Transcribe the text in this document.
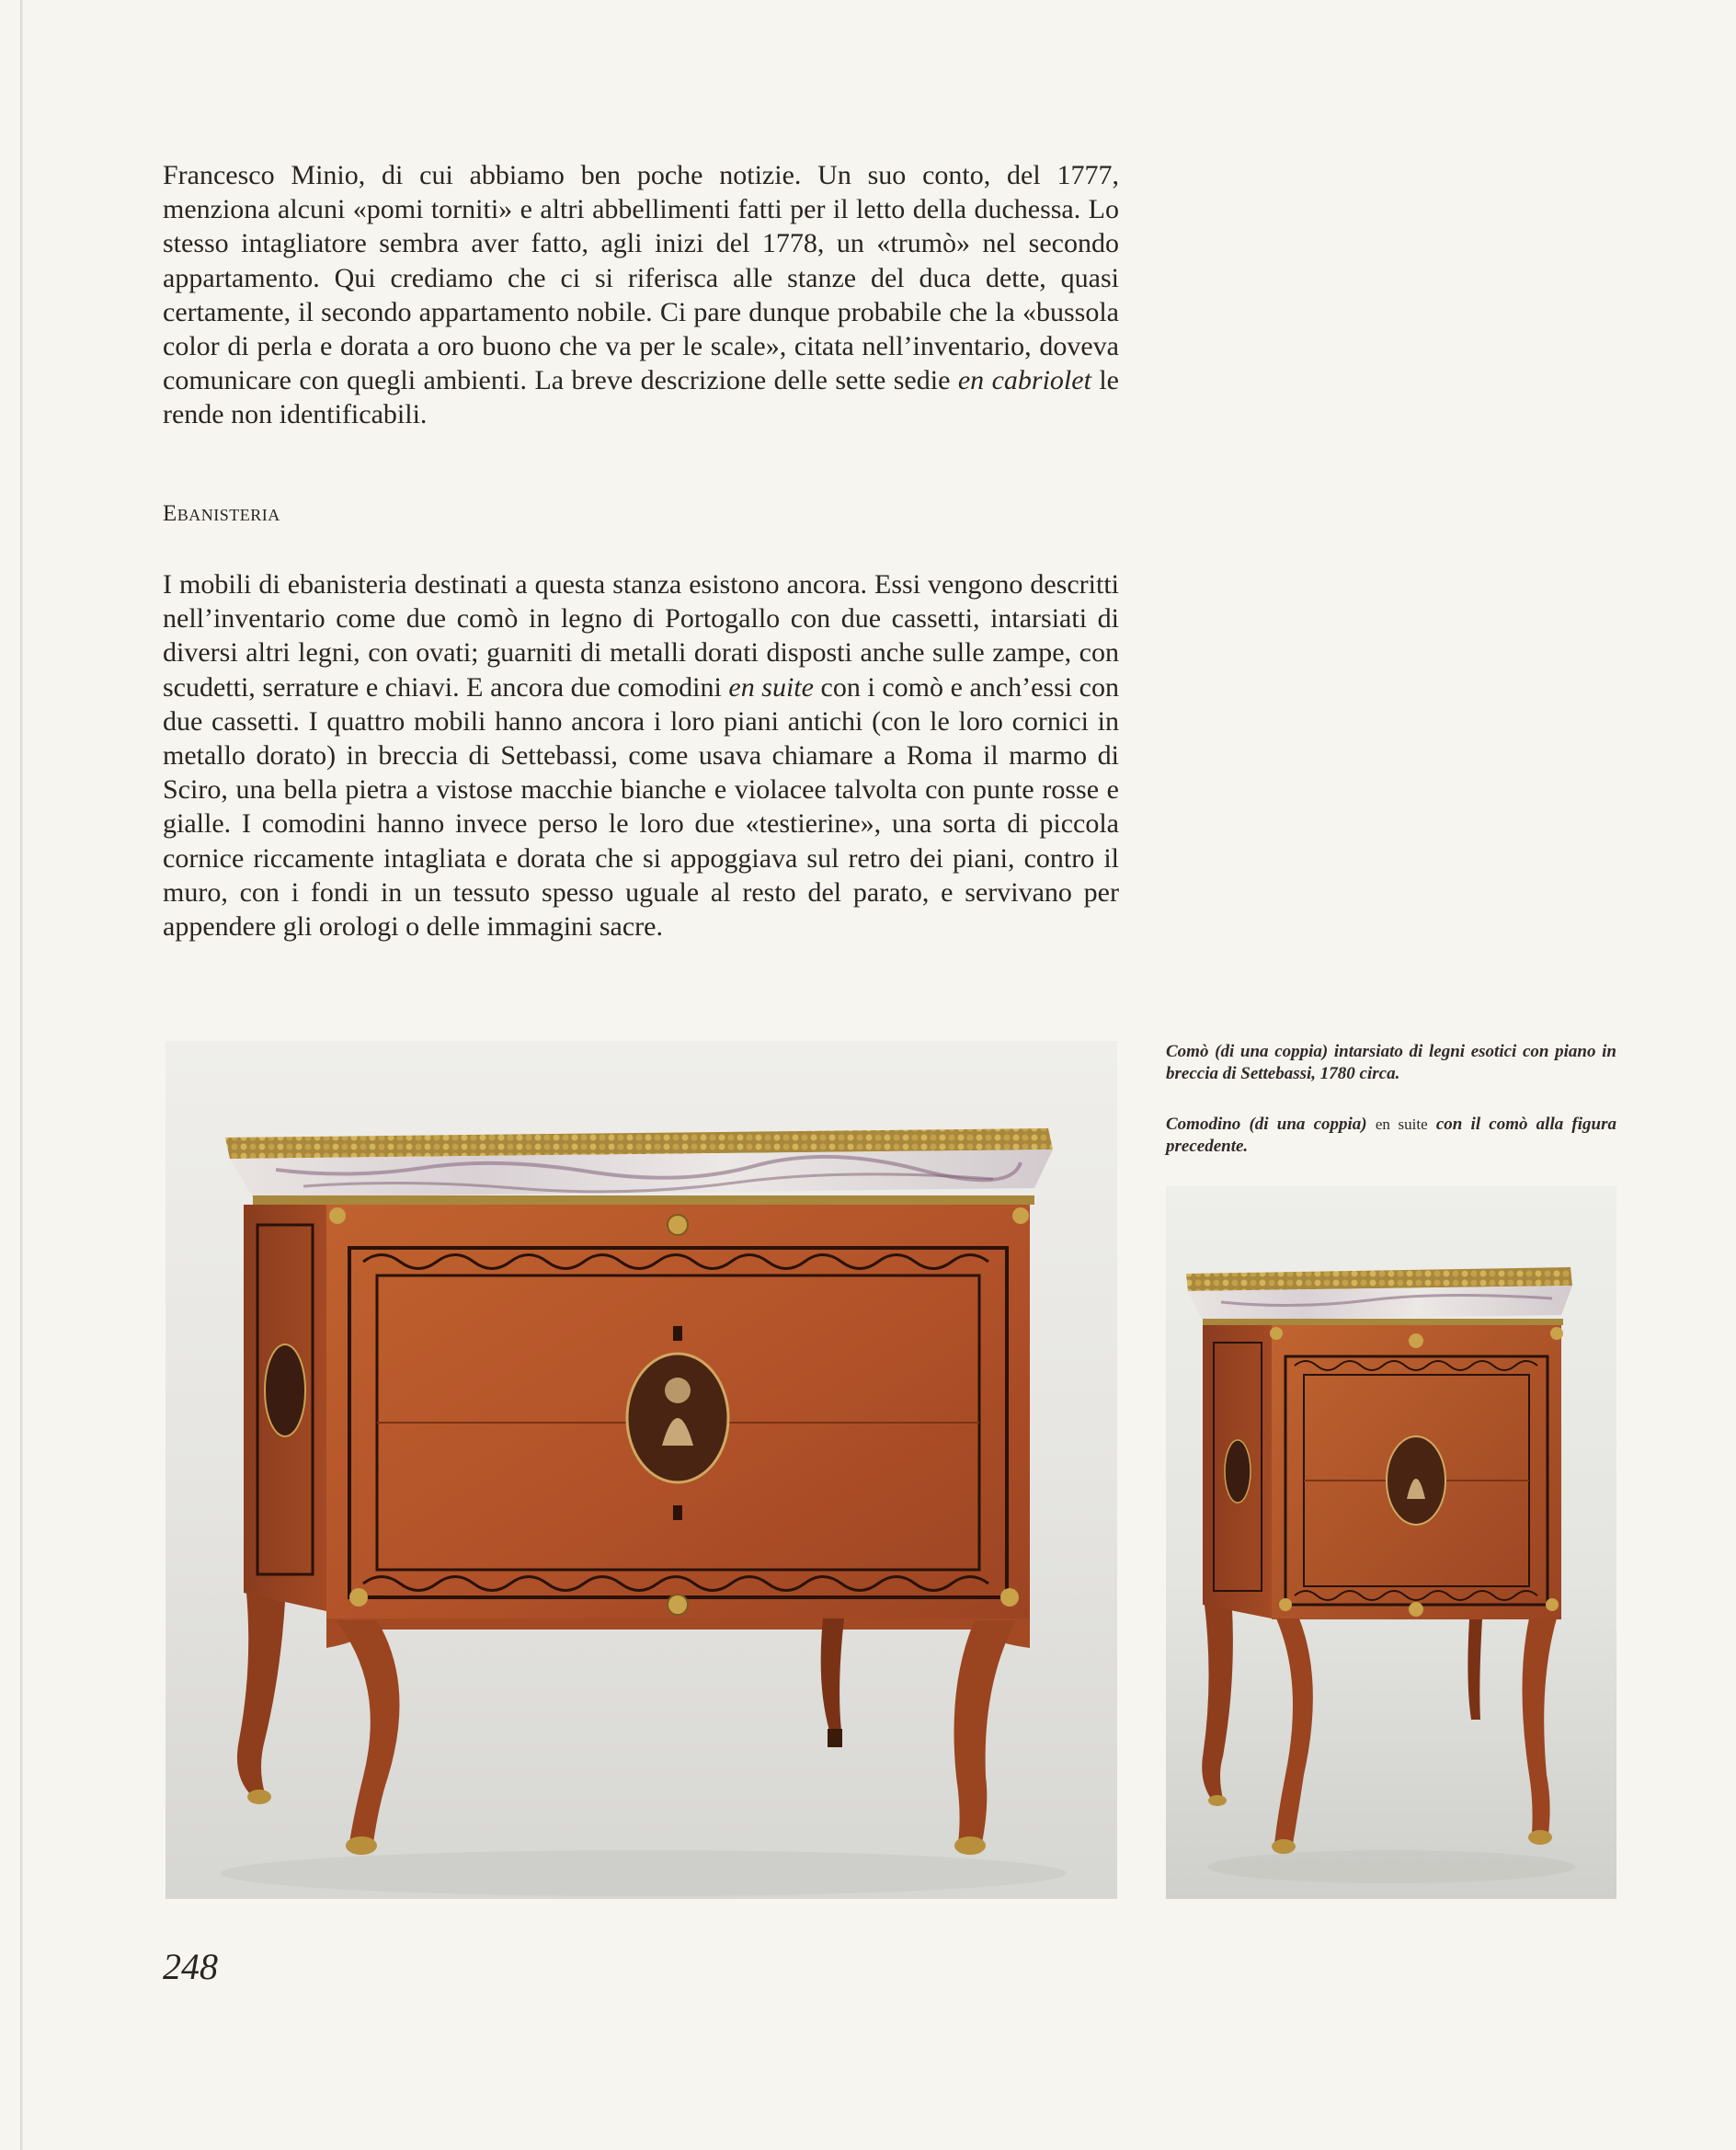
Francesco Minio, di cui abbiamo ben poche notizie. Un suo conto, del 1777, menziona alcuni «pomi torniti» e altri abbellimenti fatti per il letto della duchessa. Lo stesso intagliatore sembra aver fatto, agli inizi del 1778, un «trumò» nel secondo appartamento. Qui crediamo che ci si riferisca alle stanze del duca dette, quasi certamente, il secondo appartamento nobile. Ci pare dunque probabile che la «bussola color di perla e dorata a oro buono che va per le scale», citata nell’inventario, doveva comunicare con quegli ambienti. La breve descrizione delle sette sedie en cabriolet le rende non identificabili.

Ebanisteria

I mobili di ebanisteria destinati a questa stanza esistono ancora. Essi vengono descritti nell’inventario come due comò in legno di Portogallo con due cassetti, intarsiati di diversi altri legni, con ovati; guarniti di metalli dorati disposti anche sulle zampe, con scudetti, serrature e chiavi. E ancora due comodini en suite con i comò e anch’essi con due cassetti. I quattro mobili hanno ancora i loro piani antichi (con le loro cornici in metallo dorato) in breccia di Settebassi, come usava chiamare a Roma il marmo di Sciro, una bella pietra a vistose macchie bianche e violacee talvolta con punte rosse e gialle. I comodini hanno invece perso le loro due «testierine», una sorta di piccola cornice riccamente intagliata e dorata che si appoggiava sul retro dei piani, contro il muro, con i fondi in un tessuto spesso uguale al resto del parato, e servivano per appendere gli orologi o delle immagini sacre.

Comò (di una coppia) intarsiato di legni esotici con piano in breccia di Settebassi, 1780 circa.
Comodino (di una coppia) en suite con il comò alla figura precedente.
248
